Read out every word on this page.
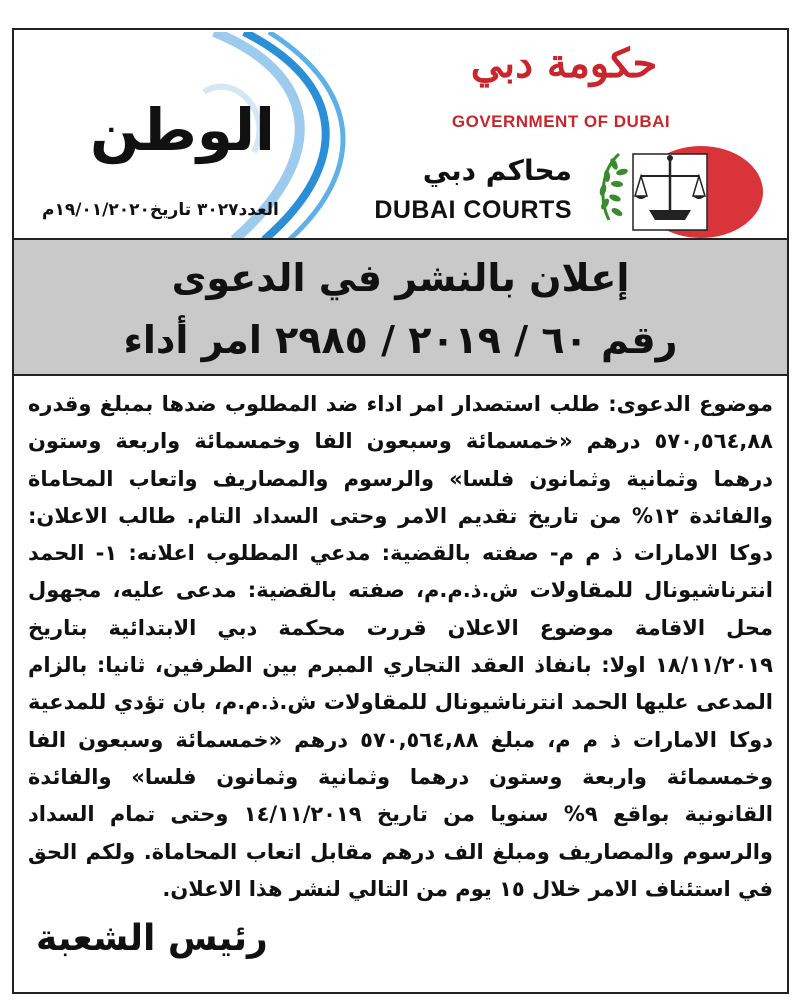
الوطن
العدد٣٠٢٧ تاريخ١٩/٠١/٢٠٢٠م
حكومة دبي
GOVERNMENT OF DUBAI
محاكم دبي
DUBAI COURTS
إعلان بالنشر في الدعوى
رقم ٦٠ / ٢٠١٩ / ٢٩٨٥ امر أداء
موضوع الدعوى: طلب استصدار امر اداء ضد المطلوب ضدها بمبلغ وقدره ٥٧٠,٥٦٤,٨٨ درهم «خمسمائة وسبعون الفا وخمسمائة واربعة وستون درهما وثمانية وثمانون فلسا» والرسوم والمصاريف واتعاب المحاماة والفائدة ١٢% من تاريخ تقديم الامر وحتى السداد التام. طالب الاعلان: دوكا الامارات ذ م م- صفته بالقضية: مدعي المطلوب اعلانه: ١- الحمد انترناشيونال للمقاولات ش.ذ.م.م، صفته بالقضية: مدعى عليه، مجهول محل الاقامة موضوع الاعلان قررت محكمة دبي الابتدائية بتاريخ ١٨/١١/٢٠١٩ اولا: بانفاذ العقد التجاري المبرم بين الطرفين، ثانيا: بالزام المدعى عليها الحمد انترناشيونال للمقاولات ش.ذ.م.م، بان تؤدي للمدعية دوكا الامارات ذ م م، مبلغ ٥٧٠,٥٦٤,٨٨ درهم «خمسمائة وسبعون الفا وخمسمائة واربعة وستون درهما وثمانية وثمانون فلسا» والفائدة القانونية بواقع ٩% سنويا من تاريخ ١٤/١١/٢٠١٩ وحتى تمام السداد والرسوم والمصاريف ومبلغ الف درهم مقابل اتعاب المحاماة. ولكم الحق في استئناف الامر خلال ١٥ يوم من التالي لنشر هذا الاعلان.
رئيس الشعبة
